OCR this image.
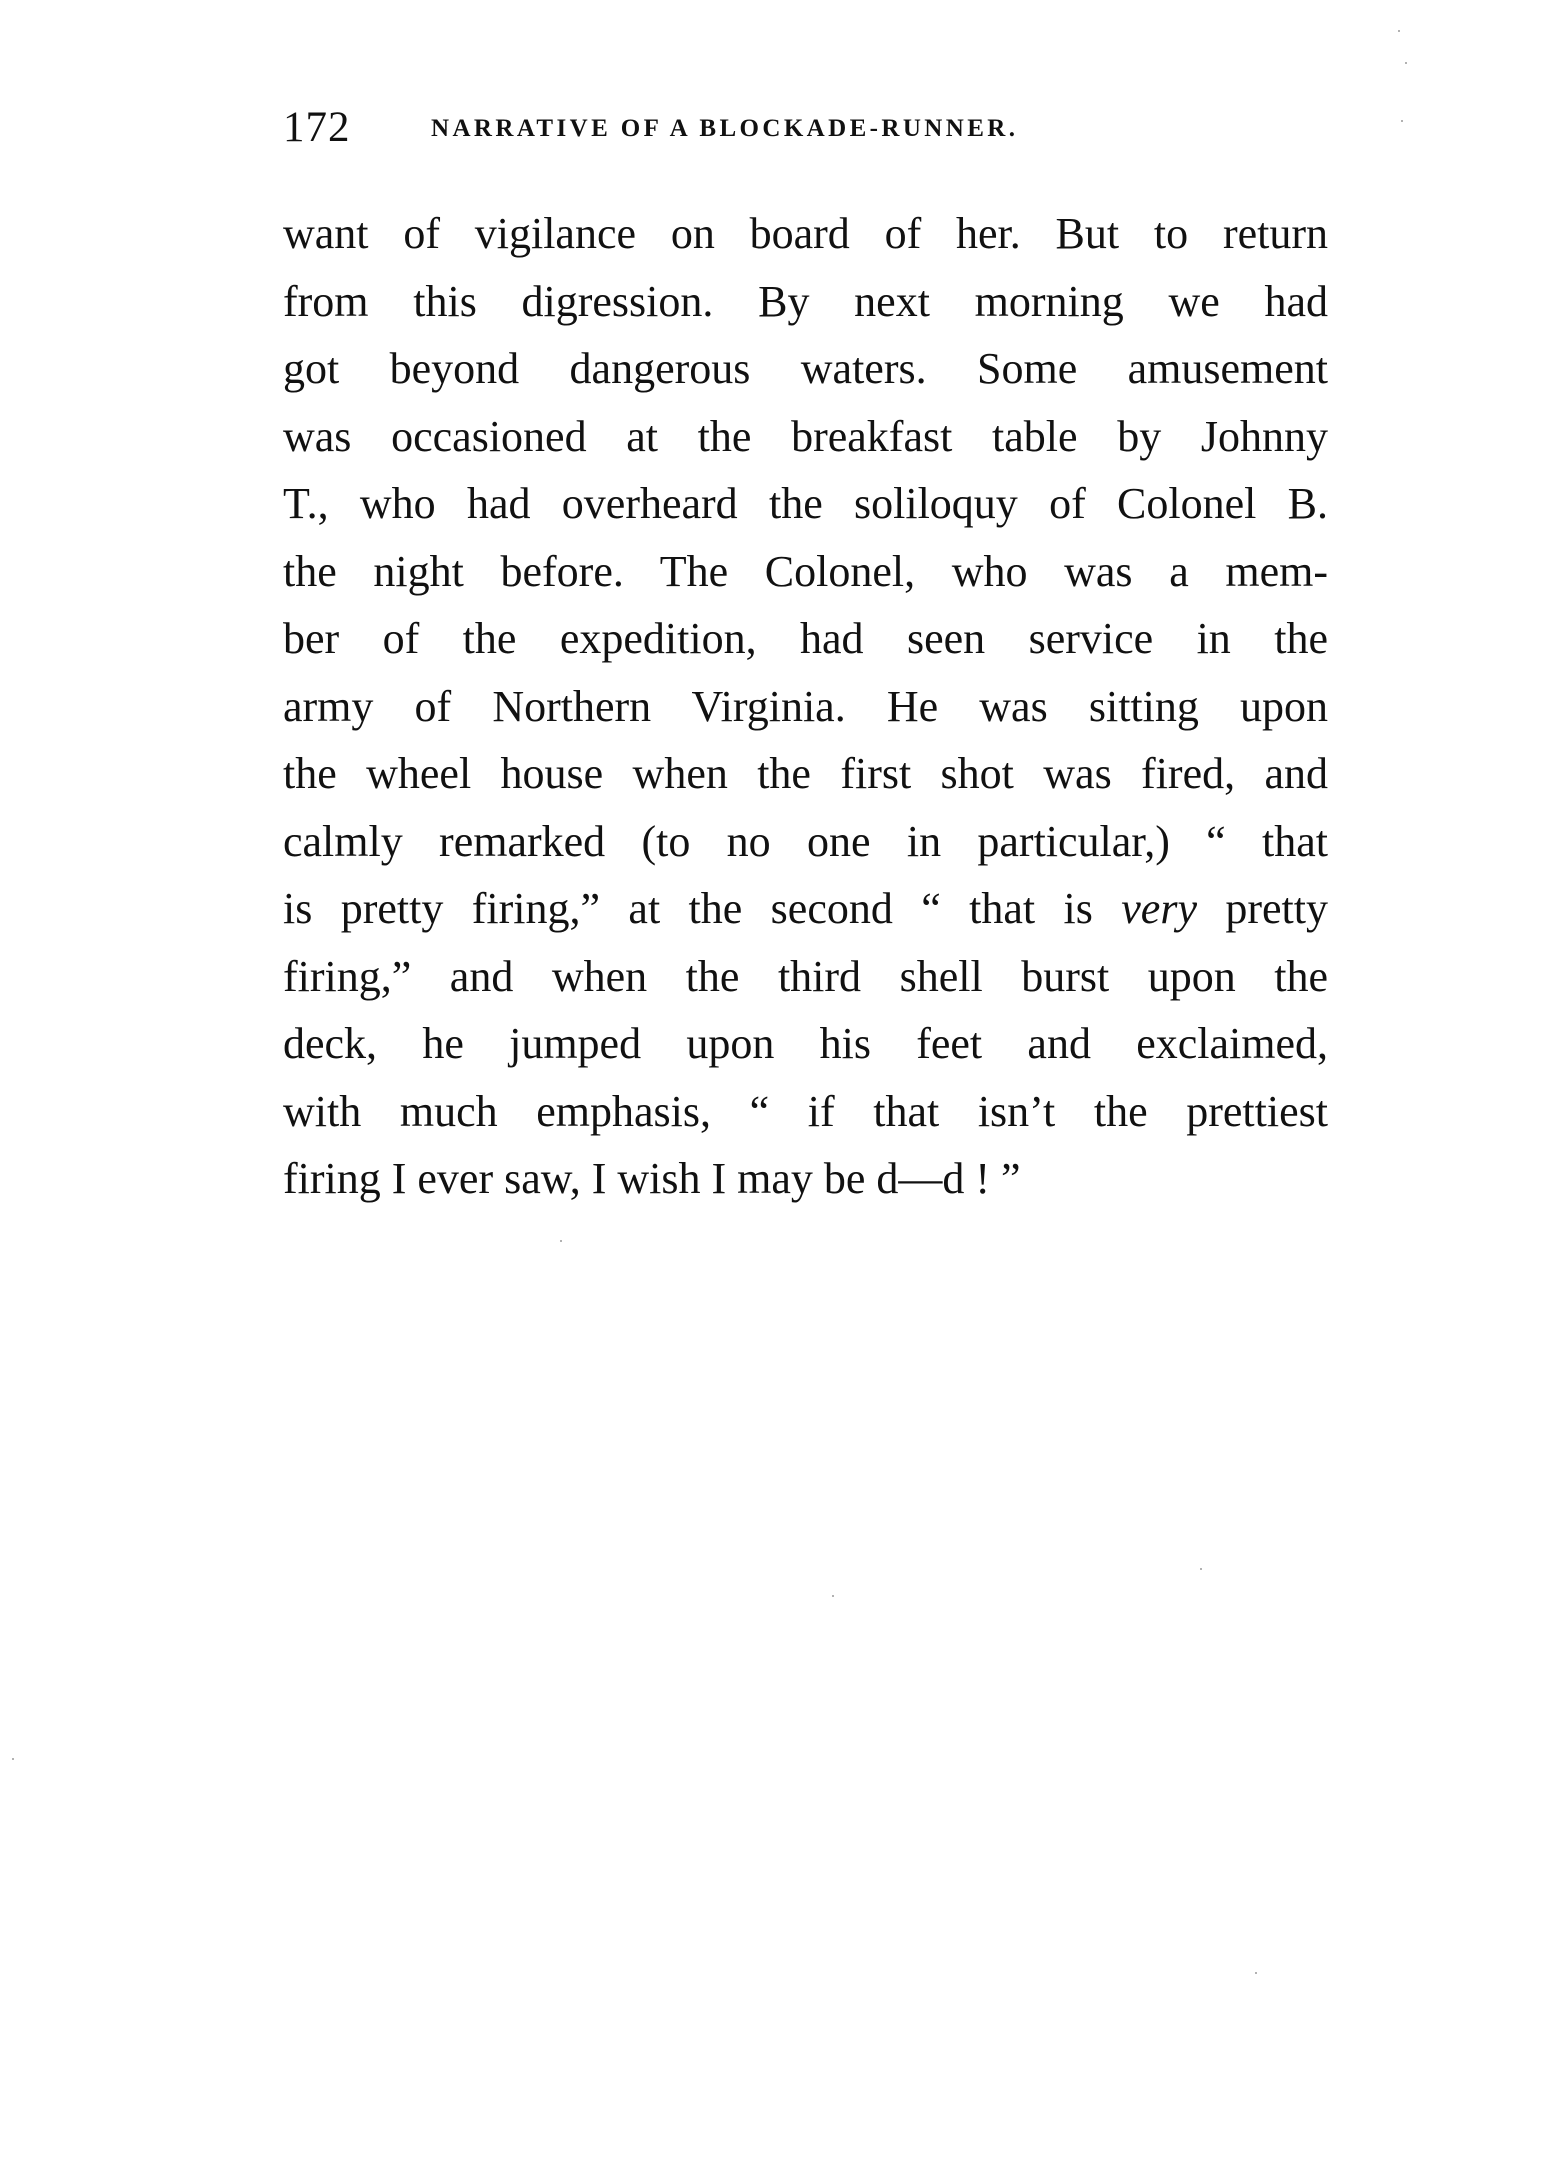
172	NARRATIVE OF A BLOCKADE-RUNNER.
want of vigilance on board of her. But to return
from this digression. By next morning we had
got beyond dangerous waters. Some amusement
was occasioned at the breakfast table by Johnny
T., who had overheard the soliloquy of Colonel B.
the night before. The Colonel, who was a mem-
ber of the expedition, had seen service in the
army of Northern Virginia. He was sitting upon
the wheel house when the first shot was fired, and
calmly remarked (to no one in particular,) “ that
is pretty firing,” at the second “ that is very pretty
firing,” and when the third shell burst upon the
deck, he jumped upon his feet and exclaimed,
with much emphasis, “ if that isn’t the prettiest
firing I ever saw, I wish I may be d—d ! ”
